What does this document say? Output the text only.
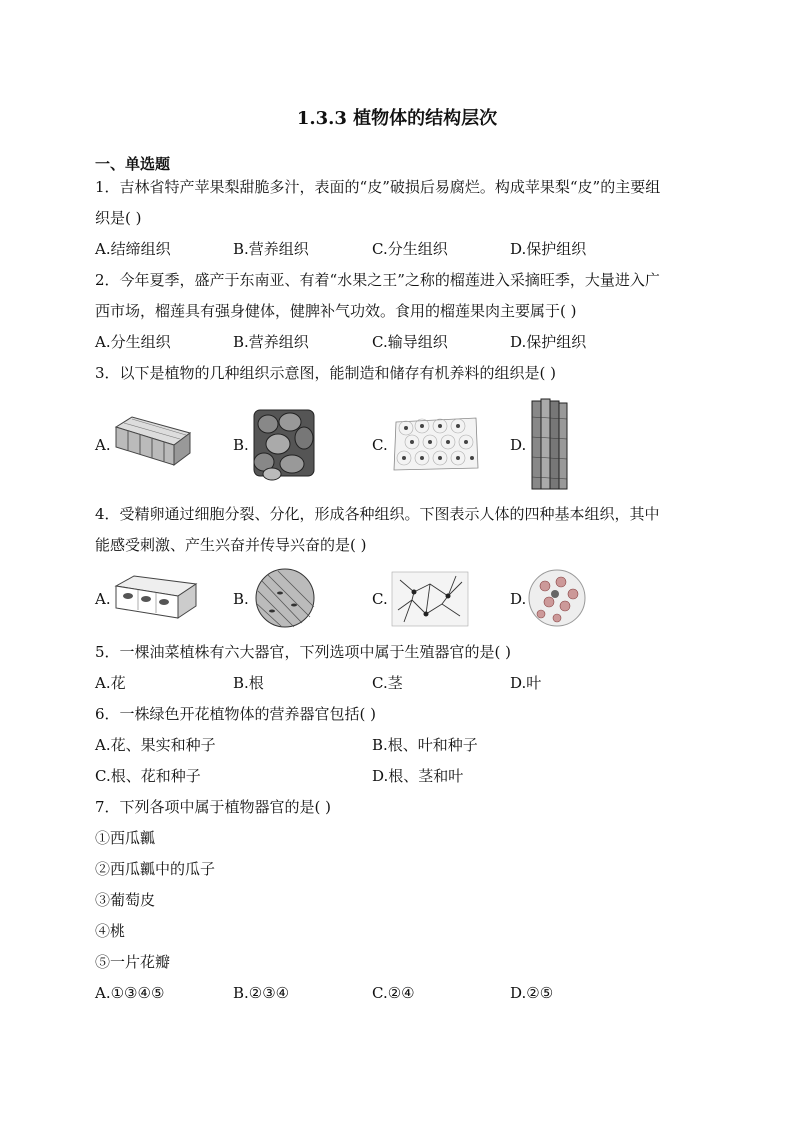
1.3.3 植物体的结构层次
一、单选题
1．吉林省特产苹果梨甜脆多汁，表面的“皮”破损后易腐烂。构成苹果梨“皮”的主要组
织是( )
A.结缔组织	B.营养组织	C.分生组织	D.保护组织
2．今年夏季，盛产于东南亚、有着“水果之王”之称的榴莲进入采摘旺季，大量进入广
西市场，榴莲具有强身健体，健脾补气功效。食用的榴莲果肉主要属于( )
A.分生组织	B.营养组织	C.输导组织	D.保护组织
3．以下是植物的几种组织示意图，能制造和储存有机养料的组织是( )
A.	B.	C.	D.
4．受精卵通过细胞分裂、分化，形成各种组织。下图表示人体的四种基本组织，其中
能感受刺激、产生兴奋并传导兴奋的是( )
A.	B.	C.	D.
5．一棵油菜植株有六大器官，下列选项中属于生殖器官的是( )
A.花	B.根	C.茎	D.叶
6．一株绿色开花植物体的营养器官包括( )
A.花、果实和种子	B.根、叶和种子
C.根、花和种子	D.根、茎和叶
7．下列各项中属于植物器官的是( )
①西瓜瓤
②西瓜瓤中的瓜子
③葡萄皮
④桃
⑤一片花瓣
A.①③④⑤	B.②③④	C.②④	D.②⑤
